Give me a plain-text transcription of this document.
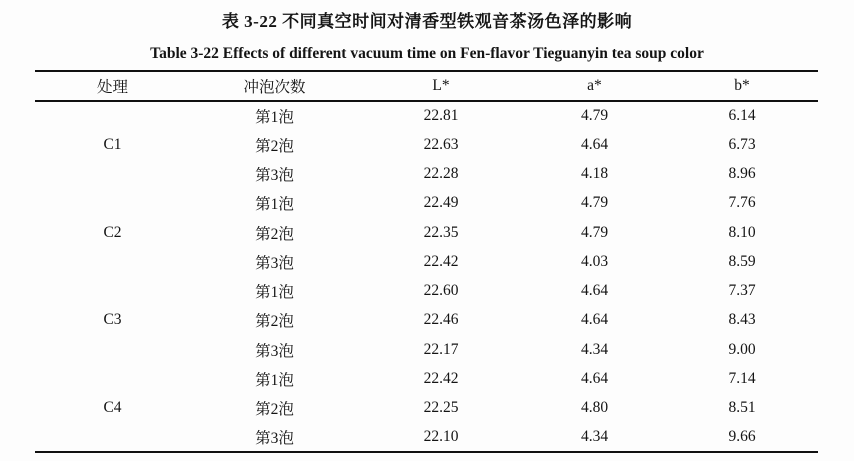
表 3-22 不同真空时间对清香型铁观音茶汤色泽的影响
Table 3-22 Effects of different vacuum time on Fen-flavor Tieguanyin tea soup color
处理	冲泡次数	L*	a*	b*
C1	第1泡	22.81	4.79	6.14
	第2泡	22.63	4.64	6.73
	第3泡	22.28	4.18	8.96
C2	第1泡	22.49	4.79	7.76
	第2泡	22.35	4.79	8.10
	第3泡	22.42	4.03	8.59
C3	第1泡	22.60	4.64	7.37
	第2泡	22.46	4.64	8.43
	第3泡	22.17	4.34	9.00
C4	第1泡	22.42	4.64	7.14
	第2泡	22.25	4.80	8.51
	第3泡	22.10	4.34	9.66
